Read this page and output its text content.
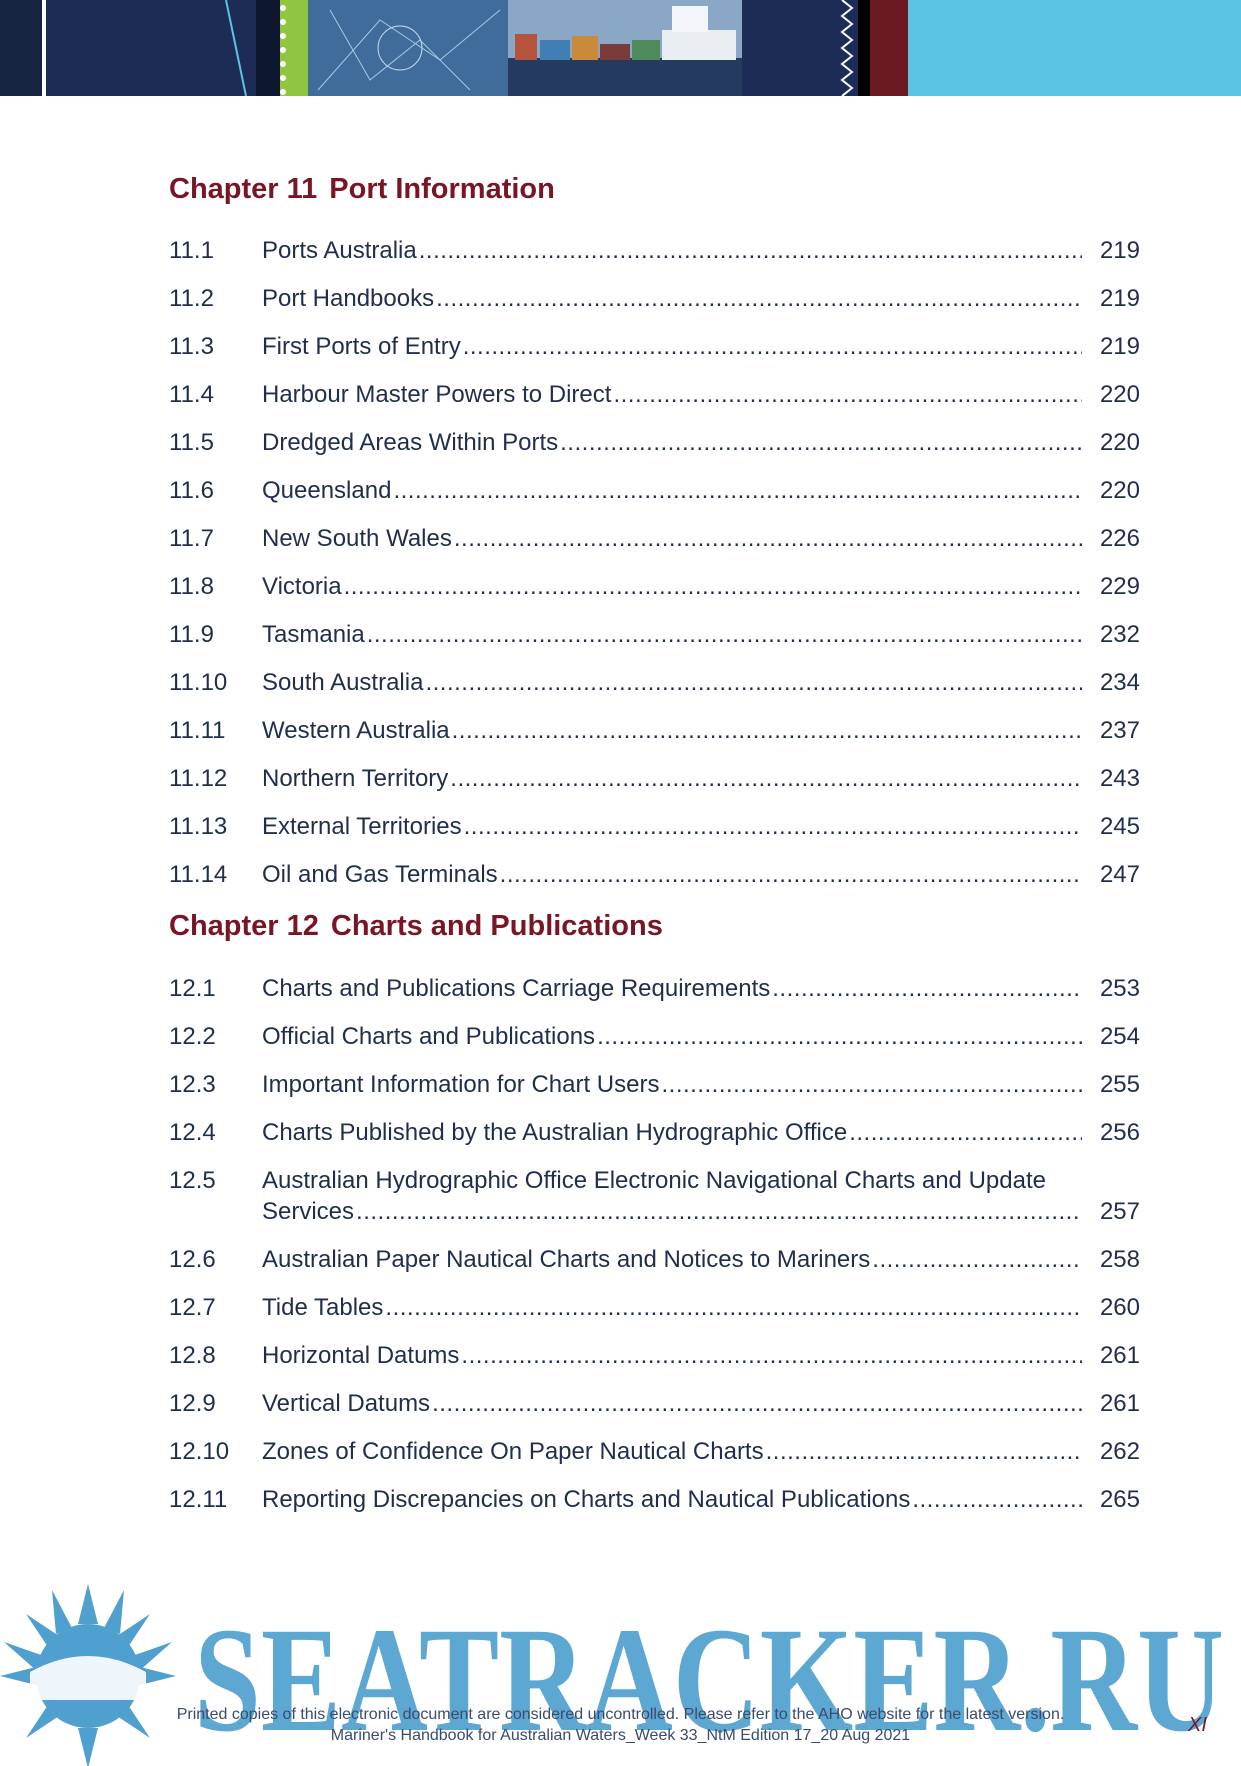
Chapter 11 Port Information
11.1 Ports Australia .....	219
11.2 Port Handbooks .....	219
11.3 First Ports of Entry .....	219
11.4 Harbour Master Powers to Direct .....	220
11.5 Dredged Areas Within Ports .....	220
11.6 Queensland .....	220
11.7 New South Wales .....	226
11.8 Victoria .....	229
11.9 Tasmania .....	232
11.10 South Australia .....	234
11.11 Western Australia .....	237
11.12 Northern Territory .....	243
11.13 External Territories .....	245
11.14 Oil and Gas Terminals .....	247
Chapter 12 Charts and Publications
12.1 Charts and Publications Carriage Requirements .....	253
12.2 Official Charts and Publications .....	254
12.3 Important Information for Chart Users .....	255
12.4 Charts Published by the Australian Hydrographic Office .....	256
12.5 Australian Hydrographic Office Electronic Navigational Charts and Update
Services .....	257
12.6 Australian Paper Nautical Charts and Notices to Mariners .....	258
12.7 Tide Tables .....	260
12.8 Horizontal Datums .....	261
12.9 Vertical Datums .....	261
12.10 Zones of Confidence On Paper Nautical Charts .....	262
12.11 Reporting Discrepancies on Charts and Nautical Publications .....	265
SEATRACKER.RU
Printed copies of this electronic document are considered uncontrolled. Please refer to the AHO website for the latest version.
Mariner's Handbook for Australian Waters_Week 33_NtM Edition 17_20 Aug 2021	XI
